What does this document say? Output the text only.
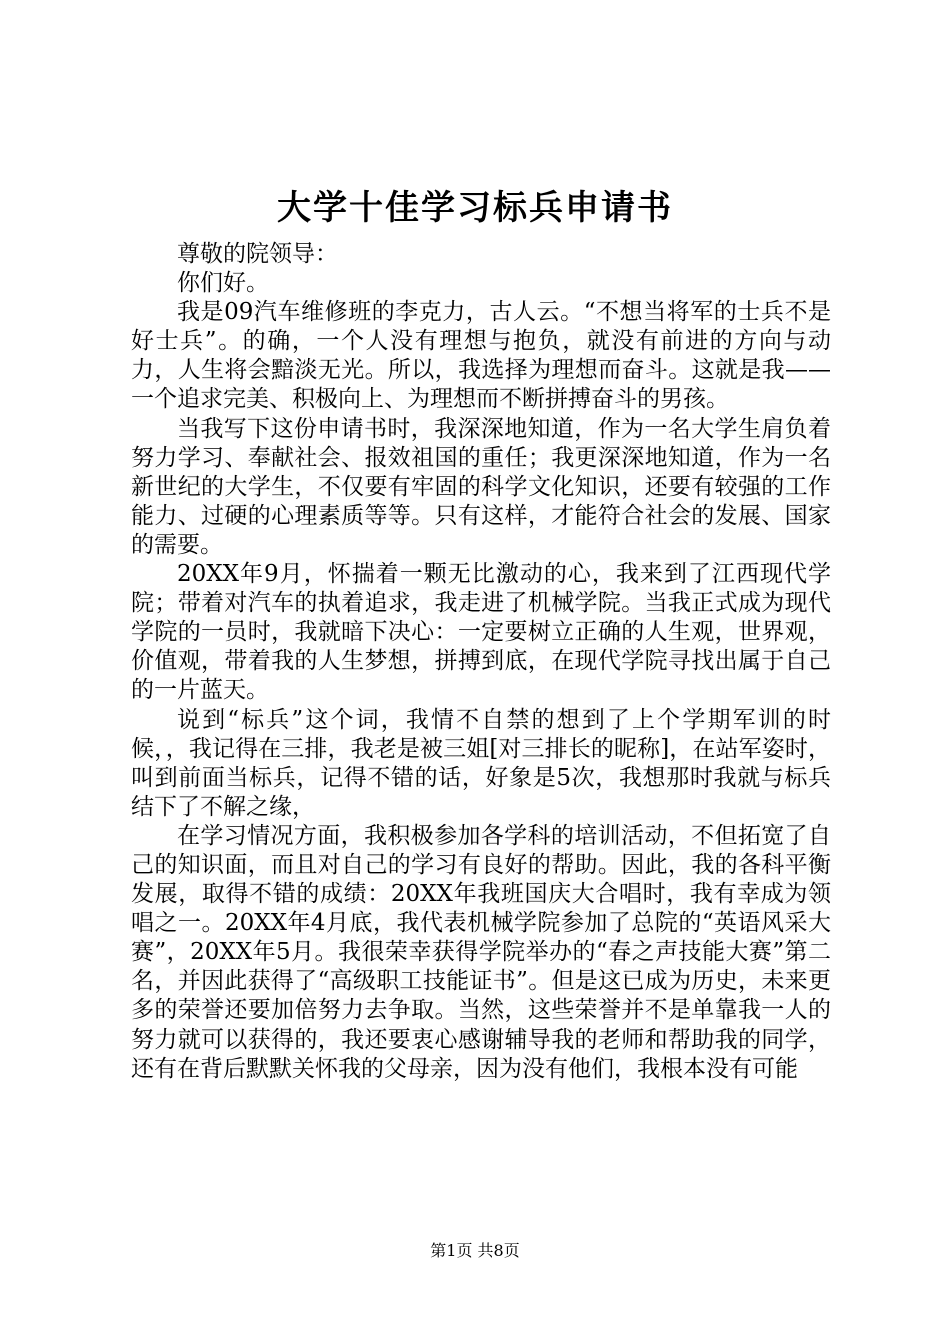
大学十佳学习标兵申请书

尊敬的院领导：

你们好。

我是09汽车维修班的李克力，古人云。“不想当将军的士兵不是好士兵”。的确，一个人没有理想与抱负，就没有前进的方向与动力，人生将会黯淡无光。所以，我选择为理想而奋斗。这就是我——一个追求完美、积极向上、为理想而不断拼搏奋斗的男孩。

当我写下这份申请书时，我深深地知道，作为一名大学生肩负着努力学习、奉献社会、报效祖国的重任；我更深深地知道，作为一名新世纪的大学生，不仅要有牢固的科学文化知识，还要有较强的工作能力、过硬的心理素质等等。只有这样，才能符合社会的发展、国家的需要。

20XX年9月，怀揣着一颗无比激动的心，我来到了江西现代学院；带着对汽车的执着追求，我走进了机械学院。当我正式成为现代学院的一员时，我就暗下决心：一定要树立正确的人生观，世界观，价值观，带着我的人生梦想，拼搏到底，在现代学院寻找出属于自己的一片蓝天。

说到“标兵”这个词，我情不自禁的想到了上个学期军训的时候，，我记得在三排，我老是被三姐[对三排长的昵称]，在站军姿时，叫到前面当标兵，记得不错的话，好象是5次，我想那时我就与标兵结下了不解之缘，

在学习情况方面，我积极参加各学科的培训活动，不但拓宽了自己的知识面，而且对自己的学习有良好的帮助。因此，我的各科平衡发展，取得不错的成绩：20XX年我班国庆大合唱时，我有幸成为领唱之一。20XX年4月底，我代表机械学院参加了总院的“英语风采大赛”，20XX年5月。我很荣幸获得学院举办的“春之声技能大赛”第二名，并因此获得了“高级职工技能证书”。但是这已成为历史，未来更多的荣誉还要加倍努力去争取。当然，这些荣誉并不是单靠我一人的努力就可以获得的，我还要衷心感谢辅导我的老师和帮助我的同学，还有在背后默默关怀我的父母亲，因为没有他们，我根本没有可能

第1页 共8页
